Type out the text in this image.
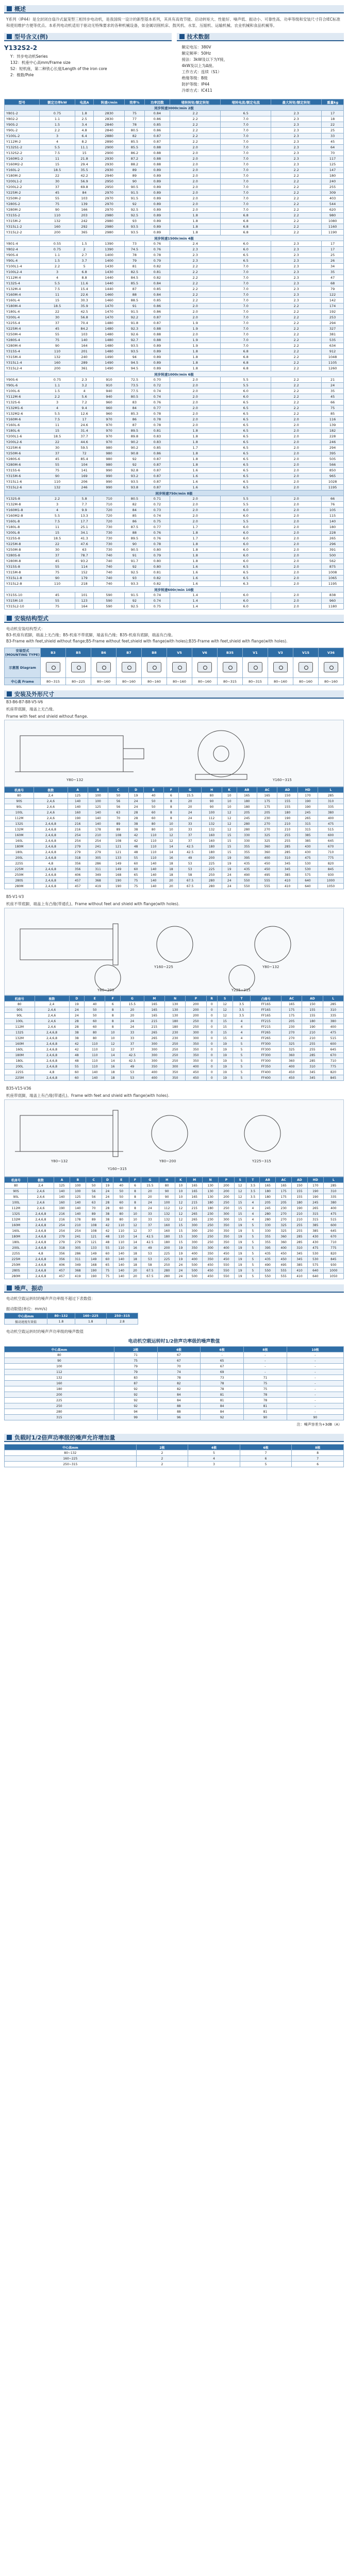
概述

Y系列（IP44）是全封闭自扇冷式鼠笼型三相异步电动机，是我国统一设计的新型基本系列，其具有高效节能、启动转矩大、性能好、噪声低、振动小、可靠性高、功率等级和安装尺寸符合IEC标准和使用维护方便等优点。本系列电动机适用于驱动无特殊要求的各种机械设备，如金属切削机床、鼓风机、水泵、压缩机、运输机械、农业机械和食品机械等。

型号含义(例)
Y132S2-2
Y：异步电动机Series
132：机座中心高mm/Frame size
S2：短机座，第二种铁心长度/Length of the iron core
2：极数/Pole
技术数据
额定电压：380V
额定频率：50Hz
接法：3kW及以下为Y接，
4kW及以上为Δ接。
工作方式：连续（S1）
绝缘等级：B级
防护等级：IP44
冷却方式：IC411
型号	额定功率kW	电流A	转速r/min	效率%	功率因数	堵转转矩/额定转矩	堵转电流/额定电流	最大转矩/额定转矩	重量kg
同步转速3000r/min 2极									
Y801-2	0.75	1.8	2830	75	0.84	2.2	6.5	2.3	17
Y802-2	1.1	2.5	2830	77	0.86	2.2	7.0	2.3	18
Y90S-2	1.5	3.4	2840	78	0.85	2.2	7.0	2.3	22
Y90L-2	2.2	4.8	2840	80.5	0.86	2.2	7.0	2.3	25
Y100L-2	3	6.4	2880	82	0.87	2.2	7.0	2.3	33
Y112M-2	4	8.2	2890	85.5	0.87	2.2	7.0	2.3	45
Y132S1-2	5.5	11.1	2900	85.5	0.88	2.0	7.0	2.3	64
Y132S2-2	7.5	15	2900	86.2	0.88	2.0	7.0	2.3	70
Y160M1-2	11	21.8	2930	87.2	0.88	2.0	7.0	2.3	117
Y160M2-2	15	29.4	2930	88.2	0.88	2.0	7.0	2.3	125
Y160L-2	18.5	35.5	2930	89	0.89	2.0	7.0	2.2	147
Y180M-2	22	42.2	2940	89	0.89	2.0	7.0	2.2	180
Y200L1-2	30	56.9	2950	90	0.89	2.0	7.0	2.2	240
Y200L2-2	37	69.8	2950	90.5	0.89	2.0	7.0	2.2	255
Y225M-2	45	84	2970	91.5	0.89	2.0	7.0	2.2	309
Y250M-2	55	103	2970	91.5	0.89	2.0	7.0	2.2	403
Y280S-2	75	139	2970	92	0.89	2.0	7.0	2.2	544
Y280M-2	90	166	2970	92.5	0.89	2.0	7.0	2.2	620
Y315S-2	110	203	2980	92.5	0.89	1.8	6.8	2.2	980
Y315M-2	132	242	2980	93	0.89	1.8	6.8	2.2	1080
Y315L1-2	160	292	2980	93.5	0.89	1.8	6.8	2.2	1160
Y315L2-2	200	365	2980	93.5	0.89	1.8	6.8	2.2	1190
同步转速1500r/min 4极									
Y801-4	0.55	1.5	1390	73	0.76	2.4	6.0	2.3	17
Y802-4	0.75	2	1390	74.5	0.76	2.3	6.0	2.3	17
Y90S-4	1.1	2.7	1400	78	0.78	2.3	6.5	2.3	25
Y90L-4	1.5	3.7	1400	79	0.79	2.3	6.5	2.3	26
Y100L1-4	2.2	5	1430	81	0.82	2.2	7.0	2.3	34
Y100L2-4	3	6.8	1430	82.5	0.81	2.2	7.0	2.3	35
Y112M-4	4	8.8	1440	84.5	0.82	2.2	7.0	2.3	47
Y132S-4	5.5	11.6	1440	85.5	0.84	2.2	7.0	2.3	68
Y132M-4	7.5	15.4	1440	87	0.85	2.2	7.0	2.3	79
Y160M-4	11	22.6	1460	88	0.84	2.2	7.0	2.3	122
Y160L-4	15	30.3	1460	88.5	0.85	2.2	7.0	2.3	142
Y180M-4	18.5	35.9	1470	91	0.86	2.0	7.0	2.2	174
Y180L-4	22	42.5	1470	91.5	0.86	2.0	7.0	2.2	192
Y200L-4	30	56.8	1470	92.2	0.87	2.0	7.0	2.2	253
Y225S-4	37	70.4	1480	91.8	0.87	1.9	7.0	2.2	294
Y225M-4	45	84.2	1480	92.3	0.88	1.9	7.0	2.2	327
Y250M-4	55	103	1480	92.6	0.88	2.0	7.0	2.2	381
Y280S-4	75	140	1480	92.7	0.88	1.9	7.0	2.2	535
Y280M-4	90	164	1480	93.5	0.89	1.9	7.0	2.2	634
Y315S-4	110	201	1480	93.5	0.89	1.8	6.8	2.2	912
Y315M-4	132	240	1490	94	0.89	1.8	6.8	2.2	1048
Y315L1-4	160	289	1490	94.5	0.89	1.8	6.8	2.2	1105
Y315L2-4	200	361	1490	94.5	0.89	1.8	6.8	2.2	1260
同步转速1000r/min 6极									
Y90S-6	0.75	2.3	910	72.5	0.70	2.0	5.5	2.2	21
Y90L-6	1.1	3.2	910	73.5	0.72	2.0	5.5	2.2	24
Y100L-6	1.5	4	940	77.5	0.74	2.0	6.0	2.2	35
Y112M-6	2.2	5.6	940	80.5	0.74	2.0	6.0	2.2	45
Y132S-6	3	7.2	960	83	0.76	2.0	6.5	2.2	66
Y132M1-6	4	9.4	960	84	0.77	2.0	6.5	2.2	75
Y132M2-6	5.5	12.6	960	85.3	0.78	2.0	6.5	2.2	85
Y160M-6	7.5	17	970	86	0.78	2.0	6.5	2.0	116
Y160L-6	11	24.6	970	87	0.78	2.0	6.5	2.0	139
Y180L-6	15	31.4	970	89.5	0.81	1.8	6.5	2.0	182
Y200L1-6	18.5	37.7	970	89.8	0.83	1.8	6.5	2.0	228
Y200L2-6	22	44.6	970	90.2	0.83	1.8	6.5	2.0	246
Y225M-6	30	59.5	980	90.2	0.85	1.7	6.5	2.0	294
Y250M-6	37	72	980	90.8	0.86	1.8	6.5	2.0	395
Y280S-6	45	85.4	980	92	0.87	1.8	6.5	2.0	505
Y280M-6	55	104	980	92	0.87	1.8	6.5	2.0	566
Y315S-6	75	141	990	92.8	0.87	1.6	6.5	2.0	850
Y315M-6	90	169	990	93.2	0.87	1.6	6.5	2.0	965
Y315L1-6	110	206	990	93.5	0.87	1.6	6.5	2.0	1028
Y315L2-6	132	246	990	93.8	0.87	1.6	6.5	2.0	1195
同步转速750r/min 8极									
Y132S-8	2.2	5.8	710	80.5	0.71	2.0	5.5	2.0	66
Y132M-8	3	7.7	710	82	0.72	2.0	5.5	2.0	76
Y160M1-8	4	9.9	720	84	0.73	2.0	6.0	2.0	105
Y160M2-8	5.5	13.3	720	85	0.74	2.0	6.0	2.0	115
Y160L-8	7.5	17.7	720	86	0.75	2.0	5.5	2.0	140
Y180L-8	11	25.1	730	87.5	0.77	1.7	6.0	2.0	180
Y200L-8	15	34.1	730	88	0.76	1.8	6.0	2.0	228
Y225S-8	18.5	41.3	730	89.5	0.76	1.7	6.0	2.0	265
Y225M-8	22	47.6	730	90	0.78	1.8	6.0	2.0	296
Y250M-8	30	63	730	90.5	0.80	1.8	6.0	2.0	391
Y280S-8	37	78.7	740	91	0.79	1.8	6.0	2.0	500
Y280M-8	45	93.2	740	91.7	0.80	1.8	6.0	2.0	562
Y315S-8	55	114	740	92	0.80	1.6	6.5	2.0	875
Y315M-8	75	152	740	92.5	0.81	1.6	6.5	2.0	1008
Y315L1-8	90	179	740	93	0.82	1.6	6.5	2.0	1065
Y315L2-8	110	218	740	93.3	0.82	1.6	6.3	2.0	1195
同步转速600r/min 10极									
Y315S-10	45	101	590	91.5	0.74	1.4	6.0	2.0	838
Y315M-10	55	123	590	92	0.74	1.4	6.0	2.0	960
Y315L2-10	75	164	590	92.5	0.75	1.4	6.0	2.0	1180
安装结构型式
电动机安装结构型式：
B3-机座有底脚，端盖上无凸缘；B5-机座不带底脚，端盖有凸缘；B35-机座有底脚，端盖有凸缘。
B3-Frame with feet,shield without flange;B5-Frame without feet,shield with flange(with holes);B35-Frame with feet,shield with flange(with holes).
安装型式 (MOUNTING TYPE)	B3	B5	B6	B7	B8	V5	V6	B35	V1	V3	V15	V36
示意图 Diagram												
中心高 Frame	80~315	80~225	80~160	80~160	80~160	80~160	80~160	80~315	80~315	80~160	80~160	80~160
安装及外形尺寸
B3-B6-B7-B8-V5-V6
机座带底脚，端盖上无凸缘。
Frame with feet and shield without flange.
Y80~132	Y160~315
机座号	极数	A	B	C	D	E	F	G	H	K	AB	AC	AD	HD	L
80	2,4	125	100	50	19	40	6	15.5	80	10	165	165	150	170	285
90S	2,4,6	140	100	56	24	50	8	20	90	10	180	175	155	190	310
90L	2,4,6	140	125	56	24	50	8	20	90	10	180	175	155	190	335
100L	2,4,6	160	140	63	28	60	8	24	100	12	205	205	180	245	380
112M	2,4,6	190	140	70	28	60	8	24	112	12	245	230	190	265	400
132S	2,4,6,8	216	140	89	38	80	10	33	132	12	280	270	210	315	475
132M	2,4,6,8	216	178	89	38	80	10	33	132	12	280	270	210	315	515
160M	2,4,6,8	254	210	108	42	110	12	37	160	15	330	325	255	385	600
160L	2,4,6,8	254	254	108	42	110	12	37	160	15	330	325	255	385	645
180M	2,4,6,8	279	241	121	48	110	14	42.5	180	15	355	360	285	430	670
180L	2,4,6,8	279	279	121	48	110	14	42.5	180	15	355	360	285	430	710
200L	2,4,6,8	318	305	133	55	110	16	49	200	19	395	400	310	475	775
225S	4,8	356	286	149	60	140	18	53	225	19	435	450	345	530	820
225M	2,4,6,8	356	311	149	60	140	18	53	225	19	435	450	345	530	845
250M	2,4,6,8	406	349	168	65	140	18	58	250	24	490	495	385	575	930
280S	2,4,6,8	457	368	190	75	140	20	67.5	280	24	550	555	410	640	1000
280M	2,4,6,8	457	419	190	75	140	20	67.5	280	24	550	555	410	640	1050
B5-V1-V3
机座不带底脚，端盖上有凸缘(带通孔)。Frame without feet and shield with flange(with holes).
Y160~225	Y80~132
Y80~200	Y225~315
机座号	极数	D	E	F	G	M	N	P	R	S	T	凸缘号	AC	AD	L
80	2,4	19	40	6	15.5	165	130	200	0	12	3.5	FF165	165	150	285
90S	2,4,6	24	50	8	20	165	130	200	0	12	3.5	FF165	175	155	310
90L	2,4,6	24	50	8	20	165	130	200	0	12	3.5	FF165	175	155	335
100L	2,4,6	28	60	8	24	215	180	250	0	15	4	FF215	205	180	380
112M	2,4,6	28	60	8	24	215	180	250	0	15	4	FF215	230	190	400
132S	2,4,6,8	38	80	10	33	265	230	300	0	15	4	FF265	270	210	475
132M	2,4,6,8	38	80	10	33	265	230	300	0	15	4	FF265	270	210	515
160M	2,4,6,8	42	110	12	37	300	250	350	0	19	5	FF300	325	255	600
160L	2,4,6,8	42	110	12	37	300	250	350	0	19	5	FF300	325	255	645
180M	2,4,6,8	48	110	14	42.5	300	250	350	0	19	5	FF300	360	285	670
180L	2,4,6,8	48	110	14	42.5	300	250	350	0	19	5	FF300	360	285	710
200L	2,4,6,8	55	110	16	49	350	300	400	0	19	5	FF350	400	310	775
225S	4,8	60	140	18	53	400	350	450	0	19	5	FF400	450	345	820
225M	2,4,6,8	60	140	18	53	400	350	450	0	19	5	FF400	450	345	845
B35-V15-V36
机座带底脚，端盖上有凸缘(带通孔)。Frame with feet and shield with flange(with holes).
Y80~132
Y160~315
Y80~200	Y225~315
机座号	极数	A	B	C	D	E	F	G	H	K	M	N	P	S	T	AB	AC	AD	HD	L
80	2,4	125	100	50	19	40	6	15.5	80	10	165	130	200	12	3.5	165	165	150	170	285
90S	2,4,6	140	100	56	24	50	8	20	90	10	165	130	200	12	3.5	180	175	155	190	310
90L	2,4,6	140	125	56	24	50	8	20	90	10	165	130	200	12	3.5	180	175	155	190	335
100L	2,4,6	160	140	63	28	60	8	24	100	12	215	180	250	15	4	205	205	180	245	380
112M	2,4,6	190	140	70	28	60	8	24	112	12	215	180	250	15	4	245	230	190	265	400
132S	2,4,6,8	216	140	89	38	80	10	33	132	12	265	230	300	15	4	280	270	210	315	475
132M	2,4,6,8	216	178	89	38	80	10	33	132	12	265	230	300	15	4	280	270	210	315	515
160M	2,4,6,8	254	210	108	42	110	12	37	160	15	300	250	350	19	5	330	325	255	385	600
160L	2,4,6,8	254	254	108	42	110	12	37	160	15	300	250	350	19	5	330	325	255	385	645
180M	2,4,6,8	279	241	121	48	110	14	42.5	180	15	300	250	350	19	5	355	360	285	430	670
180L	2,4,6,8	279	279	121	48	110	14	42.5	180	15	300	250	350	19	5	355	360	285	430	710
200L	2,4,6,8	318	305	133	55	110	16	49	200	19	350	300	400	19	5	395	400	310	475	775
225S	4,8	356	286	149	60	140	18	53	225	19	400	350	450	19	5	435	450	345	530	820
225M	2,4,6,8	356	311	149	60	140	18	53	225	19	400	350	450	19	5	435	450	345	530	845
250M	2,4,6,8	406	349	168	65	140	18	58	250	24	500	450	550	19	5	490	495	385	575	930
280S	2,4,6,8	457	368	190	75	140	20	67.5	280	24	500	450	550	19	5	550	555	410	640	1000
280M	2,4,6,8	457	419	190	75	140	20	67.5	280	24	500	450	550	19	5	550	555	410	640	1050
噪声、振动
电动机空载运转时的噪声声功率级不超过下表数值：
振动限值(单位：mm/s)
中心高mm	80~132	160~225	250~315
振动速度有效值	1.8	1.8	2.8
电动机空载运转时的噪声声功率级的噪声数值
电动机空载运转时1/2倍声功率级的噪声数值
中心高mm	2极	4极	6极	8极	10极
80	71	67	-	-	-
90	75	67	65	-	-
100	79	70	67	-	-
112	79	74	69	-	-
132	83	78	73	71	-
160	87	82	78	75	-
180	92	82	78	75	-
200	92	84	81	78	-
225	92	84	81	78	-
250	92	88	84	81	-
280	94	88	84	81	-
315	99	96	92	90	90
注：噪声容差为+3dB（A）
负载时1/2倍声功率级的噪声允许增加量
中心高mm	2极	4极	6极	8极
80~132	2	5	7	8
160~225	2	4	6	7
250~315	2	3	5	6
